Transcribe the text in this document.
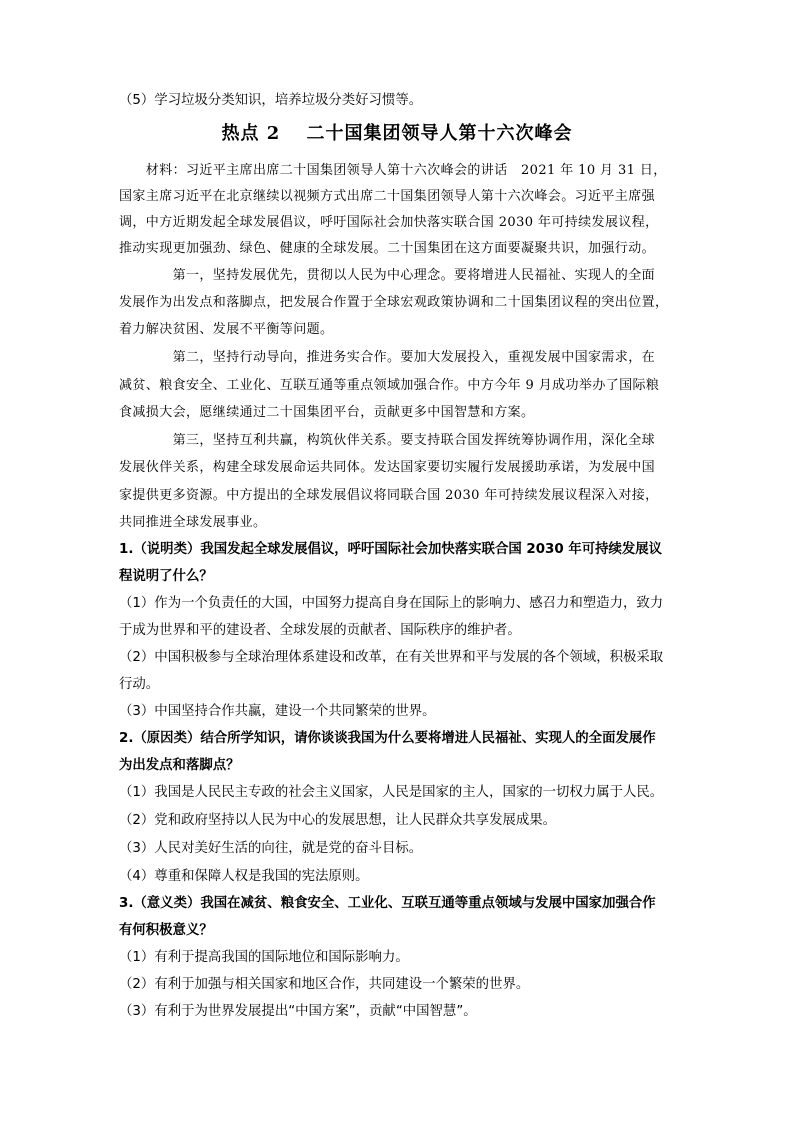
（5）学习垃圾分类知识，培养垃圾分类好习惯等。
热点 2　 二十国集团领导人第十六次峰会
　　材料：习近平主席出席二十国集团领导人第十六次峰会的讲话　2021 年 10 月 31 日，
国家主席习近平在北京继续以视频方式出席二十国集团领导人第十六次峰会。习近平主席强
调，中方近期发起全球发展倡议，呼吁国际社会加快落实联合国 2030 年可持续发展议程，
推动实现更加强劲、绿色、健康的全球发展。二十国集团在这方面要凝聚共识，加强行动。
　　　　第一，坚持发展优先，贯彻以人民为中心理念。要将增进人民福祉、实现人的全面
发展作为出发点和落脚点，把发展合作置于全球宏观政策协调和二十国集团议程的突出位置，
着力解决贫困、发展不平衡等问题。
　　　　第二，坚持行动导向，推进务实合作。要加大发展投入，重视发展中国家需求，在
减贫、粮食安全、工业化、互联互通等重点领域加强合作。中方今年 9 月成功举办了国际粮
食减损大会，愿继续通过二十国集团平台，贡献更多中国智慧和方案。
　　　　第三，坚持互利共赢，构筑伙伴关系。要支持联合国发挥统筹协调作用，深化全球
发展伙伴关系，构建全球发展命运共同体。发达国家要切实履行发展援助承诺，为发展中国
家提供更多资源。中方提出的全球发展倡议将同联合国 2030 年可持续发展议程深入对接，
共同推进全球发展事业。
1.（说明类）我国发起全球发展倡议，呼吁国际社会加快落实联合国 2030 年可持续发展议
程说明了什么？
（1）作为一个负责任的大国，中国努力提高自身在国际上的影响力、感召力和塑造力，致力
于成为世界和平的建设者、全球发展的贡献者、国际秩序的维护者。
（2）中国积极参与全球治理体系建设和改革，在有关世界和平与发展的各个领域，积极采取
行动。
（3）中国坚持合作共赢，建设一个共同繁荣的世界。
2.（原因类）结合所学知识，请你谈谈我国为什么要将增进人民福祉、实现人的全面发展作
为出发点和落脚点？
（1）我国是人民民主专政的社会主义国家，人民是国家的主人，国家的一切权力属于人民。
（2）党和政府坚持以人民为中心的发展思想，让人民群众共享发展成果。
（3）人民对美好生活的向往，就是党的奋斗目标。
（4）尊重和保障人权是我国的宪法原则。
3.（意义类）我国在减贫、粮食安全、工业化、互联互通等重点领域与发展中国家加强合作
有何积极意义？
（1）有利于提高我国的国际地位和国际影响力。
（2）有利于加强与相关国家和地区合作，共同建设一个繁荣的世界。
（3）有利于为世界发展提出“中国方案”，贡献“中国智慧”。
